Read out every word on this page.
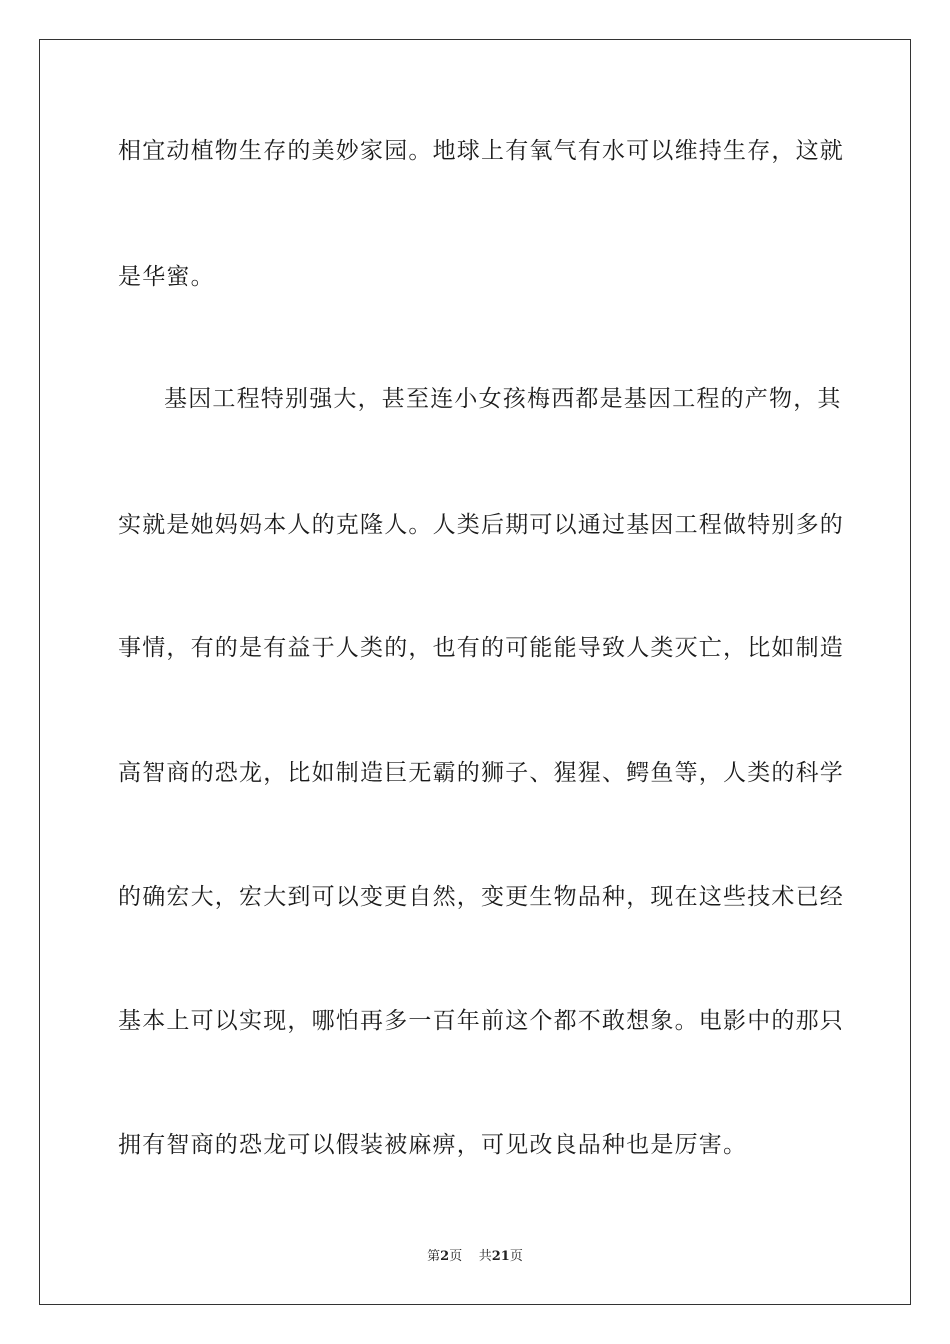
相宜动植物生存的美妙家园。地球上有氧气有水可以维持生存，这就
是华蜜。
基因工程特别强大，甚至连小女孩梅西都是基因工程的产物，其
实就是她妈妈本人的克隆人。人类后期可以通过基因工程做特别多的
事情，有的是有益于人类的，也有的可能能导致人类灭亡，比如制造
高智商的恐龙，比如制造巨无霸的狮子、猩猩、鳄鱼等，人类的科学
的确宏大，宏大到可以变更自然，变更生物品种，现在这些技术已经
基本上可以实现，哪怕再多一百年前这个都不敢想象。电影中的那只
拥有智商的恐龙可以假装被麻痹，可见改良品种也是厉害。
第2页 共21页
